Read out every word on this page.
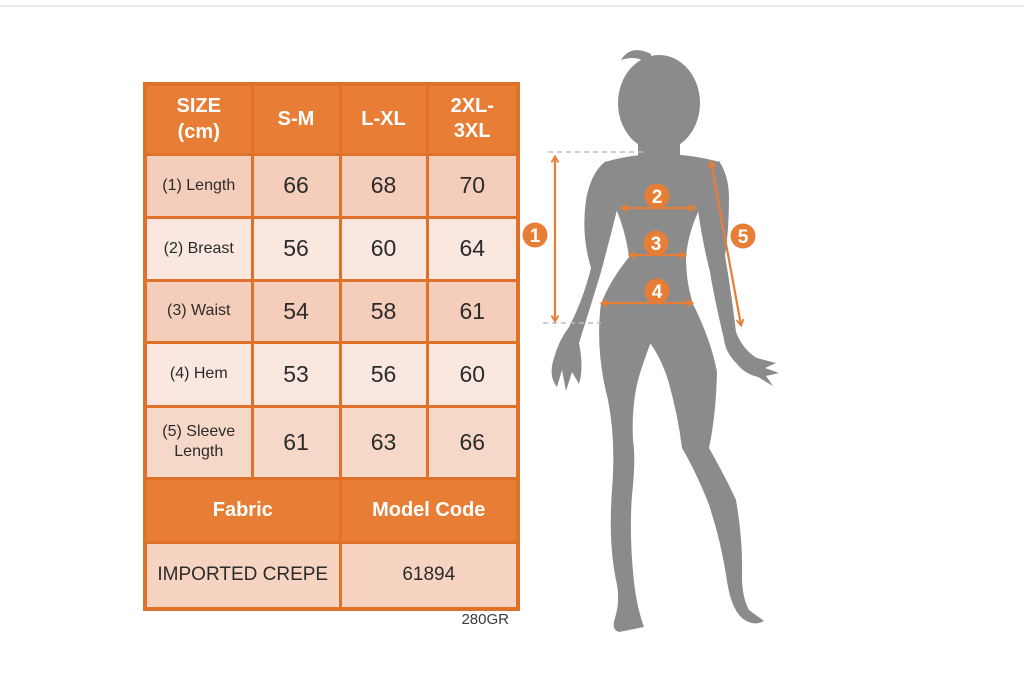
SIZE (cm)	S-M	L-XL	2XL-3XL
(1) Length	66	68	70
(2) Breast	56	60	64
(3) Waist	54	58	61
(4) Hem	53	56	60
(5) Sleeve Length	61	63	66
Fabric		Model Code	
IMPORTED CREPE		61894	
280GR
1
2
3
4
5
